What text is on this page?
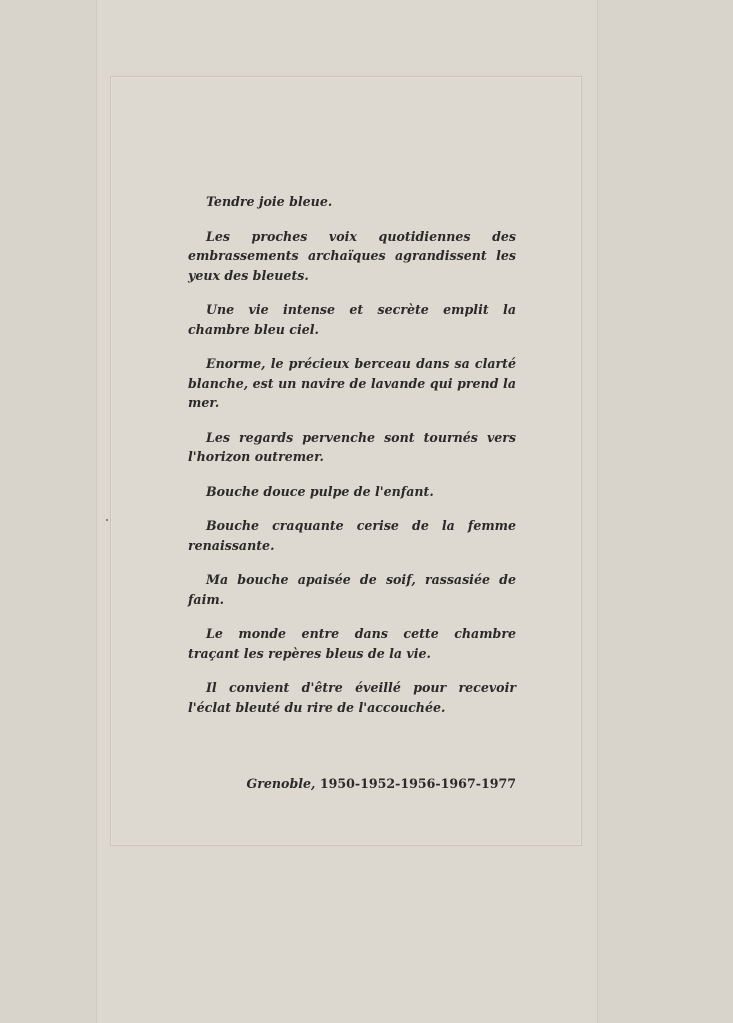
Tendre joie bleue.

Les proches voix quotidiennes des embrassements archaïques agrandissent les yeux des bleuets.

Une vie intense et secrète emplit la chambre bleu ciel.

Enorme, le précieux berceau dans sa clarté blanche, est un navire de lavande qui prend la mer.

Les regards pervenche sont tournés vers l'horizon outremer.

Bouche douce pulpe de l'enfant.

Bouche craquante cerise de la femme renaissante.

Ma bouche apaisée de soif, rassasiée de faim.

Le monde entre dans cette chambre traçant les repères bleus de la vie.

Il convient d'être éveillé pour recevoir l'éclat bleuté du rire de l'accouchée.

Grenoble, 1950-1952-1956-1967-1977
